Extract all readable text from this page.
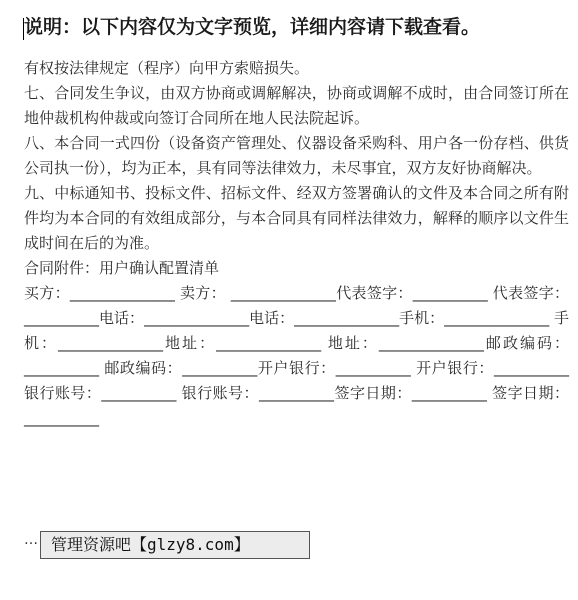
说明：以下内容仅为文字预览，详细内容请下载查看。

有权按法律规定（程序）向甲方索赔损失。

七、合同发生争议，由双方协商或调解解决，协商或调解不成时，由合同签订所在地仲裁机构仲裁或向签订合同所在地人民法院起诉。

八、本合同一式四份（设备资产管理处、仪器设备采购科、用户各一份存档、供货公司执一份），均为正本，具有同等法律效力，未尽事宜，双方友好协商解决。

九、中标通知书、投标文件、招标文件、经双方签署确认的文件及本合同之所有附件均为本合同的有效组成部分，与本合同具有同样法律效力，解释的顺序以文件生成时间在后的为准。

合同附件：用户确认配置清单

买方：______________ 卖方： ______________代表签字：__________ 代表签字：__________电话：______________电话：______________手机：______________ 手机：______________地址：______________ 地址：______________邮政编码：__________ 邮政编码：__________开户银行：__________ 开户银行：__________银行账号：__________ 银行账号：__________签字日期：__________ 签字日期：__________

… 管理资源吧【glzy8.com】
